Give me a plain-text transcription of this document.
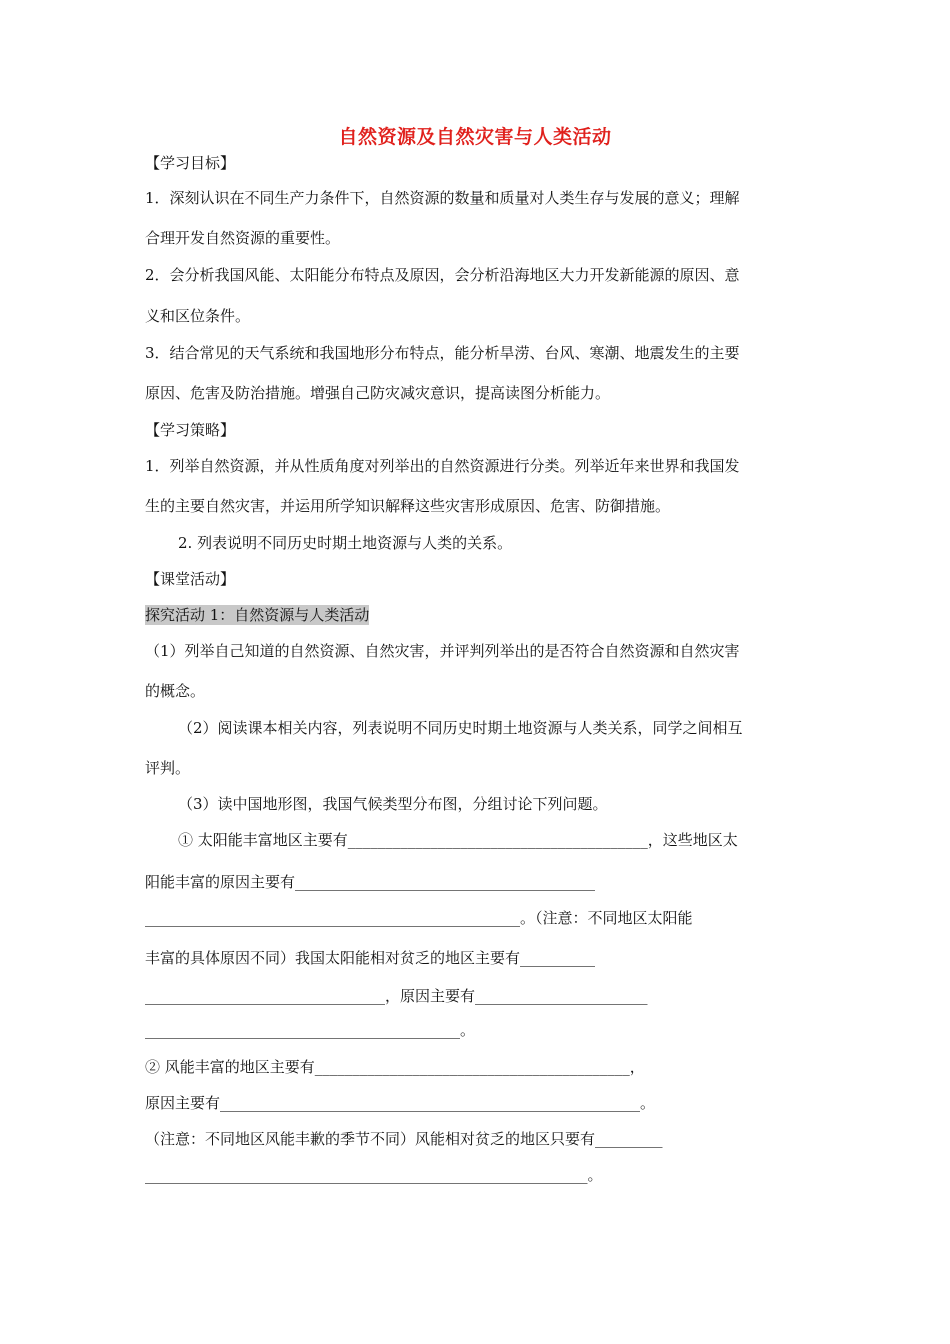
自然资源及自然灾害与人类活动
【学习目标】
1．深刻认识在不同生产力条件下，自然资源的数量和质量对人类生存与发展的意义；理解
合理开发自然资源的重要性。
2．会分析我国风能、太阳能分布特点及原因，会分析沿海地区大力开发新能源的原因、意
义和区位条件。
3．结合常见的天气系统和我国地形分布特点，能分析旱涝、台风、寒潮、地震发生的主要
原因、危害及防治措施。增强自己防灾减灾意识，提高读图分析能力。
【学习策略】
1．列举自然资源，并从性质角度对列举出的自然资源进行分类。列举近年来世界和我国发
生的主要自然灾害，并运用所学知识解释这些灾害形成原因、危害、防御措施。
2. 列表说明不同历史时期土地资源与人类的关系。
【课堂活动】
探究活动 1：自然资源与人类活动
（1）列举自己知道的自然资源、自然灾害，并评判列举出的是否符合自然资源和自然灾害
的概念。
（2）阅读课本相关内容，列表说明不同历史时期土地资源与人类关系，同学之间相互
评判。
（3）读中国地形图，我国气候类型分布图，分组讨论下列问题。
① 太阳能丰富地区主要有________________________________________，这些地区太
阳能丰富的原因主要有________________________________________
__________________________________________________。（注意：不同地区太阳能
丰富的具体原因不同）我国太阳能相对贫乏的地区主要有__________
________________________________，原因主要有_______________________
__________________________________________。
② 风能丰富的地区主要有__________________________________________，
原因主要有________________________________________________________。
（注意：不同地区风能丰歉的季节不同）风能相对贫乏的地区只要有_________
___________________________________________________________。
